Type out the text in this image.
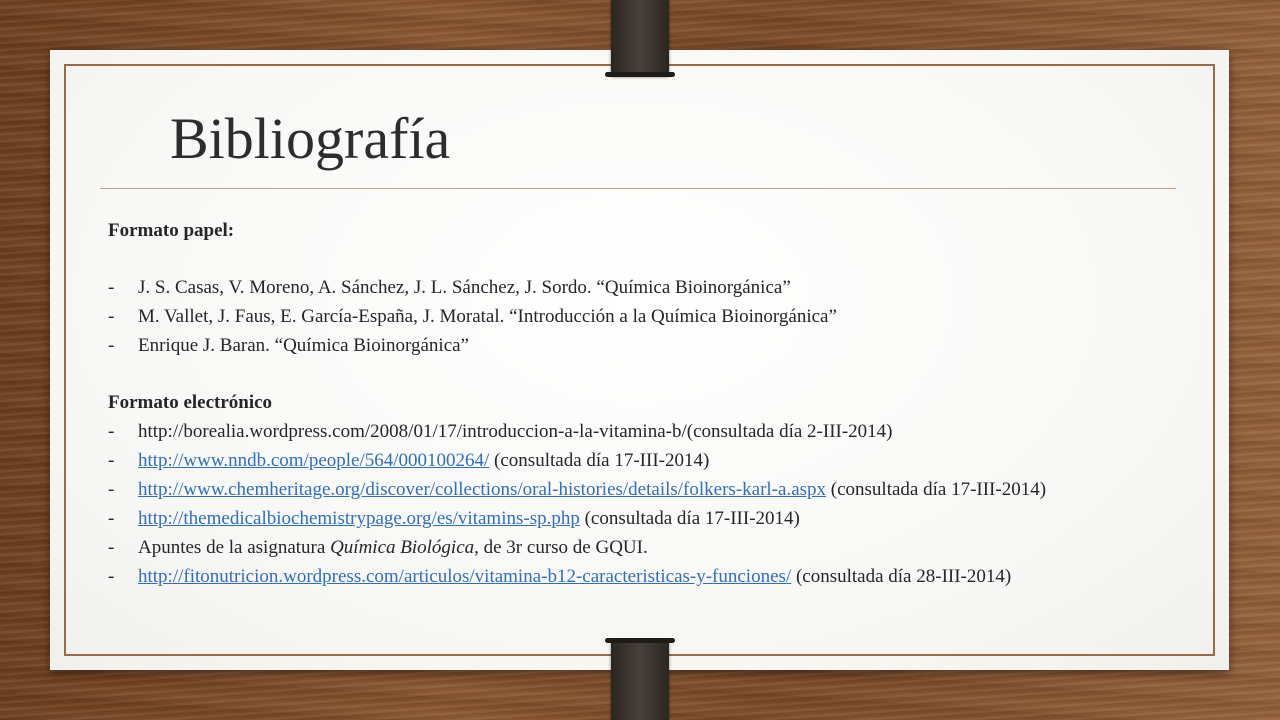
Bibliografía
Formato papel:
- J. S. Casas, V. Moreno, A. Sánchez, J. L. Sánchez, J. Sordo. “Química Bioinorgánica”
- M. Vallet, J. Faus, E. García-España, J. Moratal. “Introducción a la Química Bioinorgánica”
- Enrique J. Baran. “Química Bioinorgánica”
Formato electrónico
- http://borealia.wordpress.com/2008/01/17/introduccion-a-la-vitamina-b/(consultada día 2-III-2014)
- http://www.nndb.com/people/564/000100264/ (consultada día 17-III-2014)
- http://www.chemheritage.org/discover/collections/oral-histories/details/folkers-karl-a.aspx (consultada día 17-III-2014)
- http://themedicalbiochemistrypage.org/es/vitamins-sp.php (consultada día 17-III-2014)
- Apuntes de la asignatura Química Biológica, de 3r curso de GQUI.
- http://fitonutricion.wordpress.com/articulos/vitamina-b12-caracteristicas-y-funciones/ (consultada día 28-III-2014)
